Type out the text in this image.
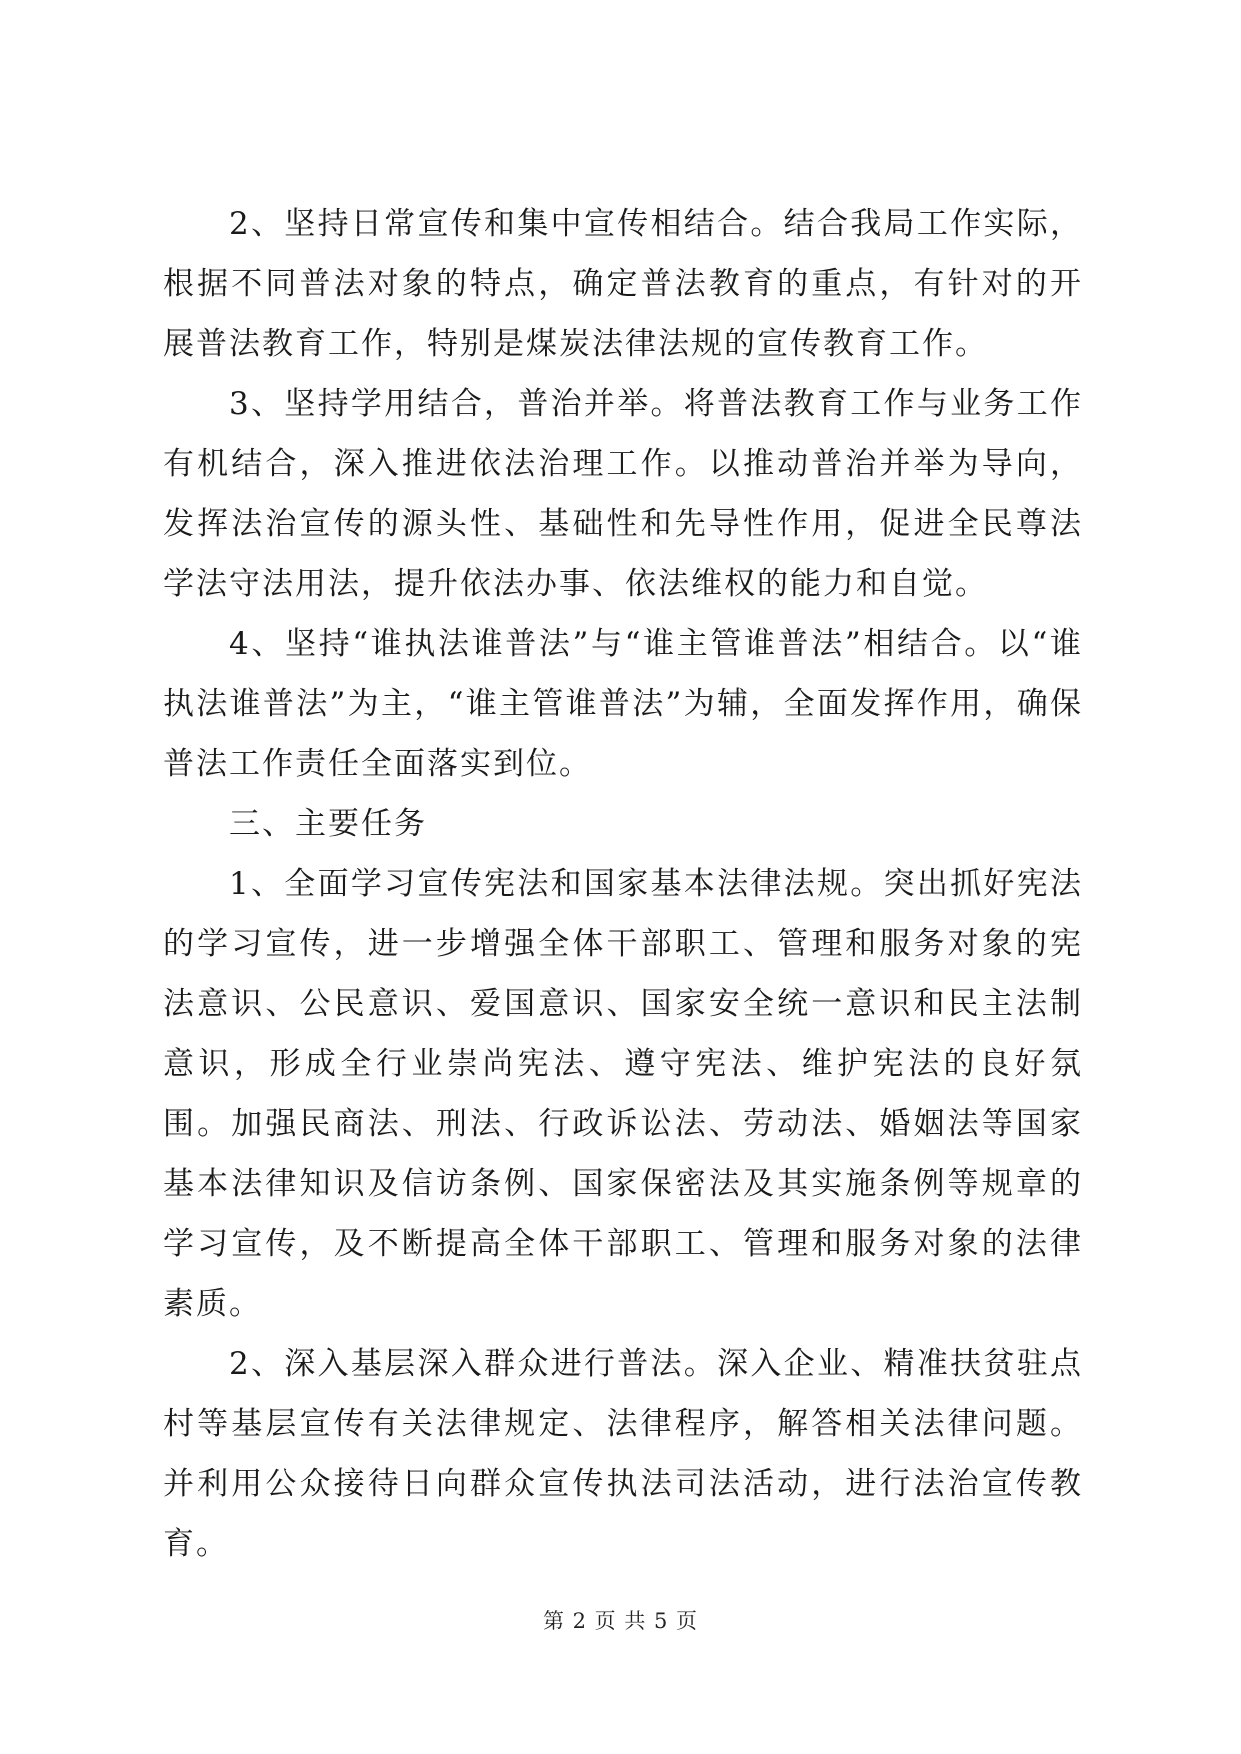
2、坚持日常宣传和集中宣传相结合。结合我局工作实际，根据不同普法对象的特点，确定普法教育的重点，有针对的开展普法教育工作，特别是煤炭法律法规的宣传教育工作。

3、坚持学用结合，普治并举。将普法教育工作与业务工作有机结合，深入推进依法治理工作。以推动普治并举为导向，发挥法治宣传的源头性、基础性和先导性作用，促进全民尊法学法守法用法，提升依法办事、依法维权的能力和自觉。

4、坚持“谁执法谁普法”与“谁主管谁普法”相结合。以“谁执法谁普法”为主，“谁主管谁普法”为辅，全面发挥作用，确保普法工作责任全面落实到位。

三、主要任务

1、全面学习宣传宪法和国家基本法律法规。突出抓好宪法的学习宣传，进一步增强全体干部职工、管理和服务对象的宪法意识、公民意识、爱国意识、国家安全统一意识和民主法制意识，形成全行业崇尚宪法、遵守宪法、维护宪法的良好氛围。加强民商法、刑法、行政诉讼法、劳动法、婚姻法等国家基本法律知识及信访条例、国家保密法及其实施条例等规章的学习宣传，及不断提高全体干部职工、管理和服务对象的法律素质。

2、深入基层深入群众进行普法。深入企业、精准扶贫驻点村等基层宣传有关法律规定、法律程序，解答相关法律问题。并利用公众接待日向群众宣传执法司法活动，进行法治宣传教育。

第 2 页 共 5 页
